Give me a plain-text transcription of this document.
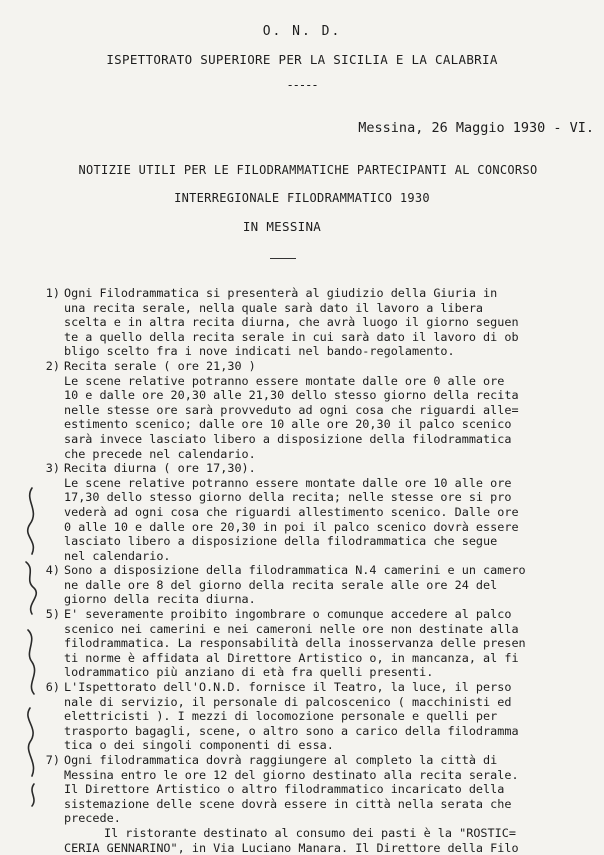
O. N. D.
ISPETTORATO SUPERIORE PER LA SICILIA E LA CALABRIA
-----
Messina, 26 Maggio 1930 - VI.
NOTIZIE UTILI PER LE FILODRAMMATICHE PARTECIPANTI AL CONCORSO
INTERREGIONALE FILODRAMMATICO 1930
IN MESSINA
1) Ogni Filodrammatica si presenterà al giudizio della Giuria in
una recita serale, nella quale sarà dato il lavoro a libera
scelta e in altra recita diurna, che avrà luogo il giorno seguen
te a quello della recita serale in cui sarà dato il lavoro di ob
bligo scelto fra i nove indicati nel bando-regolamento.
2) Recita serale ( ore 21,30 )
Le scene relative potranno essere montate dalle ore 0 alle ore
10 e dalle ore 20,30 alle 21,30 dello stesso giorno della recita
nelle stesse ore sarà provveduto ad ogni cosa che riguardi alle=
estimento scenico; dalle ore 10 alle ore 20,30 il palco scenico
sarà invece lasciato libero a disposizione della filodrammatica
che precede nel calendario.
3) Recita diurna ( ore 17,30).
Le scene relative potranno essere montate dalle ore 10 alle ore
17,30 dello stesso giorno della recita; nelle stesse ore si pro
vederà ad ogni cosa che riguardi allestimento scenico. Dalle ore
0 alle 10 e dalle ore 20,30 in poi il palco scenico dovrà essere
lasciato libero a disposizione della filodrammatica che segue
nel calendario.
4) Sono a disposizione della filodrammatica N.4 camerini e un camero
ne dalle ore 8 del giorno della recita serale alle ore 24 del
giorno della recita diurna.
5) E' severamente proibito ingombrare o comunque accedere al palco
scenico nei camerini e nei cameroni nelle ore non destinate alla
filodrammatica. La responsabilità della inosservanza delle presen
ti norme è affidata al Direttore Artistico o, in mancanza, al fi
lodrammatico più anziano di età fra quelli presenti.
6) L'Ispettorato dell'O.N.D. fornisce il Teatro, la luce, il perso
nale di servizio, il personale di palcoscenico ( macchinisti ed
elettricisti ). I mezzi di locomozione personale e quelli per
trasporto bagagli, scene, o altro sono a carico della filodramma
tica o dei singoli componenti di essa.
7) Ogni filodrammatica dovrà raggiungere al completo la città di
Messina entro le ore 12 del giorno destinato alla recita serale.
Il Direttore Artistico o altro filodrammatico incaricato della
sistemazione delle scene dovrà essere in città nella serata che
precede.
Il ristorante destinato al consumo dei pasti è la "ROSTIC=
CERIA GENNARINO", in Via Luciano Manara. Il Direttore della Filo
